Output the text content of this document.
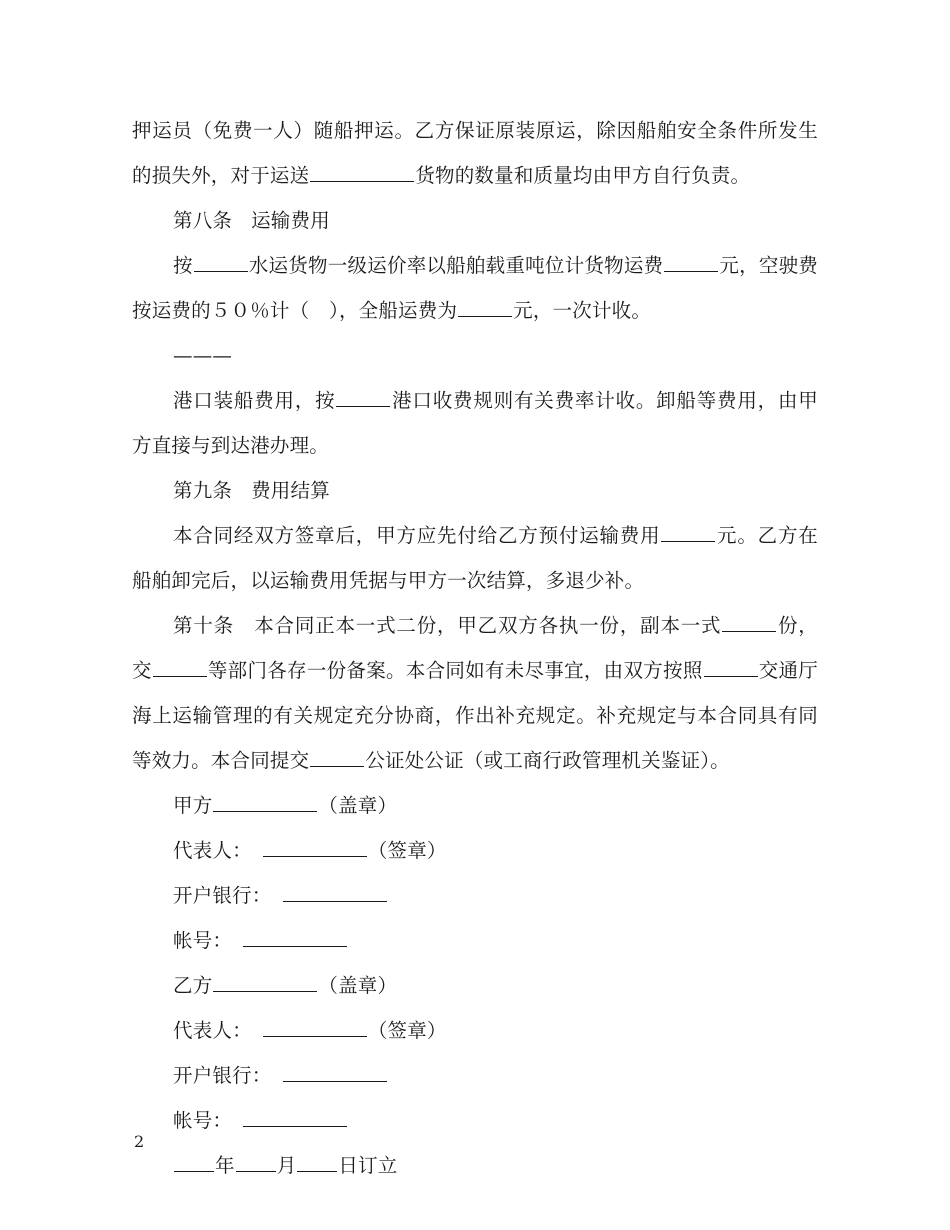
押运员（免费一人）随船押运。乙方保证原装原运，除因船舶安全条件所发生的损失外，对于运送	货物的数量和质量均由甲方自行负责。

第八条 运输费用

按	水运货物一级运价率以船舶载重吨位计货物运费	元，空驶费按运费的５０％计（　），全船运费为	元，一次计收。

———

港口装船费用，按	港口收费规则有关费率计收。卸船等费用，由甲方直接与到达港办理。

第九条 费用结算

本合同经双方签章后，甲方应先付给乙方预付运输费用	元。乙方在船舶卸完后，以运输费用凭据与甲方一次结算，多退少补。

第十条　本合同正本一式二份，甲乙双方各执一份，副本一式	份，交	等部门各存一份备案。本合同如有未尽事宜，由双方按照	交通厅海上运输管理的有关规定充分协商，作出补充规定。补充规定与本合同具有同等效力。本合同提交	公证处公证（或工商行政管理机关鉴证）。

甲方	（盖章）

代表人：	（签章）

开户银行：

帐号：

乙方	（盖章）

代表人：	（签章）

开户银行：

帐号：

年 月 日订立

2
